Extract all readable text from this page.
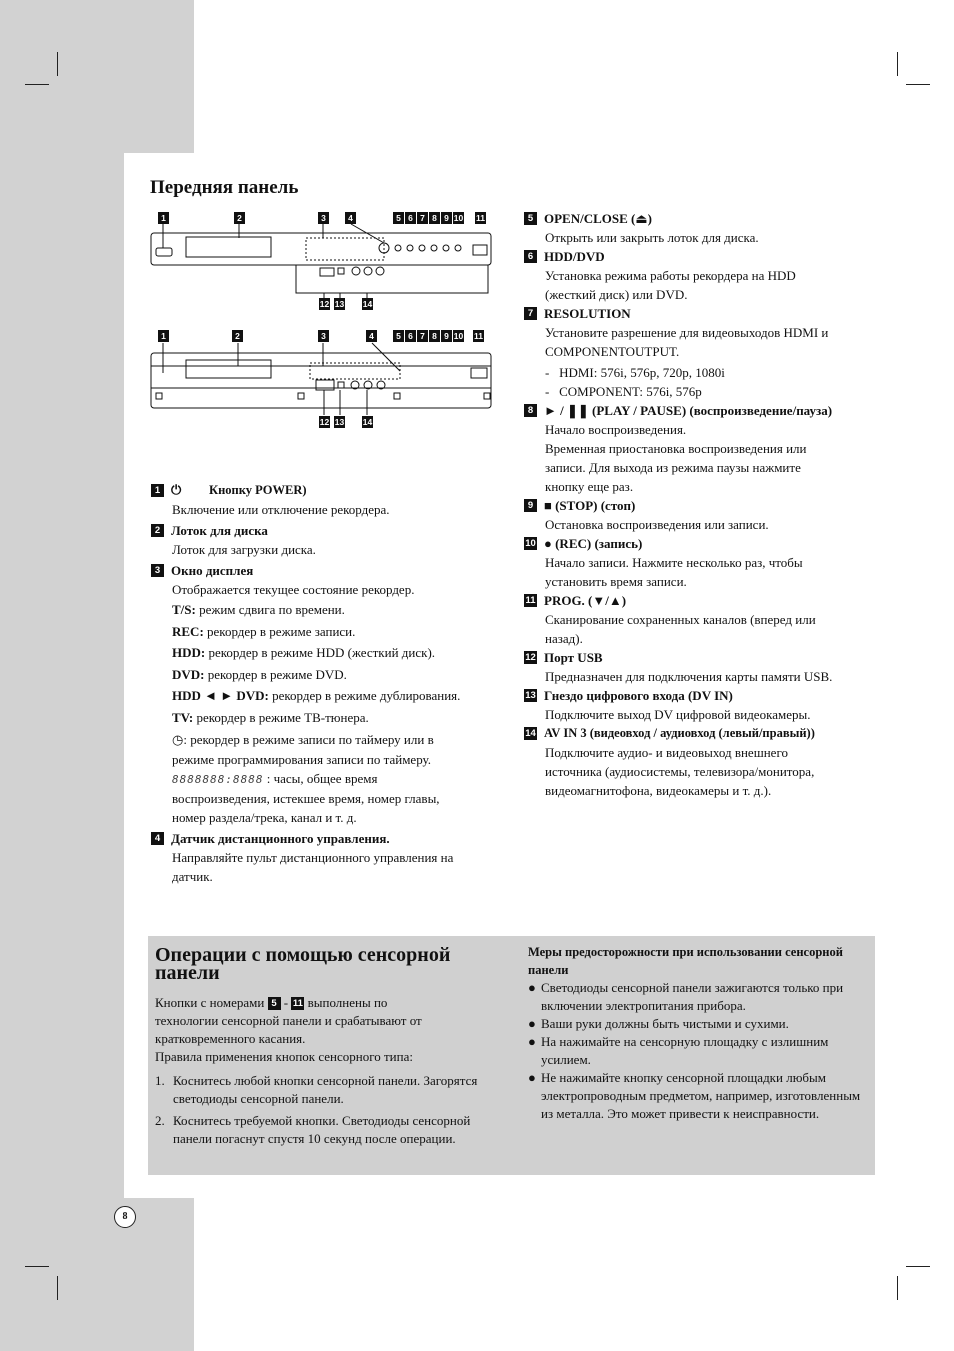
Передняя панель
1	2	3	4	5 6 7 8 9 10 11
12 13 14
1	2	3	4	5 6 7 8 9 10 11
12 13 14
1 ⏻	Кнопку POWER)

Включение или отключение рекордера.

2 Лоток для диска

Лоток для загрузки диска.

3 Окно дисплея

Отображается текущее состояние рекордер.

T/S: режим сдвига по времени.

REC: рекордер в режиме записи.

HDD: рекордер в режиме HDD (жесткий диск).

DVD: рекордер в режиме DVD.

HDD ◄ ► DVD: рекордер в режиме дублирования.

TV: рекордер в режиме ТВ-тюнера.

◷: рекордер в режиме записи по таймеру или в

режиме программирования записи по таймеру.

8888888:8888 : часы, общее время

воспроизведения, истекшее время, номер главы,

номер раздела/трека, канал и т. д.

4 Датчик дистанционного управления.

Направляйте пульт дистанционного управления на

датчик.

5 OPEN/CLOSE (⏏)

Открыть или закрыть лоток для диска.

6 HDD/DVD

Установка режима работы рекордера на HDD

(жесткий диск) или DVD.

7 RESOLUTION

Установите разрешение для видеовыходов HDMI и

COMPONENTOUTPUT.

-   HDMI: 576i, 576p, 720p, 1080i

-   COMPONENT: 576i, 576p

8 ► / ❚❚ (PLAY / PAUSE) (воспроизведение/пауза)

Начало воспроизведения.

Временная приостановка воспроизведения или

записи. Для выхода из режима паузы нажмите

кнопку еще раз.

9 ■ (STOP) (стоп)

Остановка воспроизведения или записи.

10 ● (REC) (запись)

Начало записи. Нажмите несколько раз, чтобы

установить время записи.

11 PROG. (▼/▲)

Сканирование сохраненных каналов (вперед или

назад).

12 Порт USB

Предназначен для подключения карты памяти USB.

13 Гнездо цифрового входа (DV IN)

Подключите выход DV цифровой видеокамеры.

14 AV IN 3 (видеовход / аудиовход (левый/правый))

Подключите аудио- и видеовыход внешнего

источника (аудиосистемы, телевизора/монитора,

видеомагнитофона, видеокамеры и т. д.).

Операции с помощью сенсорной панели

Кнопки с номерами 5 - 11 выполнены по

технологии сенсорной панели и срабатывают от

кратковременного касания.

Правила применения кнопок сенсорного типа:

1. Коснитесь любой кнопки сенсорной панели. Загорятся светодиоды сенсорной панели.
2. Коснитесь требуемой кнопки. Светодиоды сенсорной панели погаснут спустя 10 секунд после операции.

Меры предосторожности при использовании сенсорной панели

● Светодиоды сенсорной панели зажигаются только при включении электропитания прибора.
● Ваши руки должны быть чистыми и сухими.
● На нажимайте на сенсорную площадку с излишним усилием.
● Не нажимайте кнопку сенсорной площадки любым электропроводным предметом, например, изготовленным из металла. Это может привести к неисправности.
8
